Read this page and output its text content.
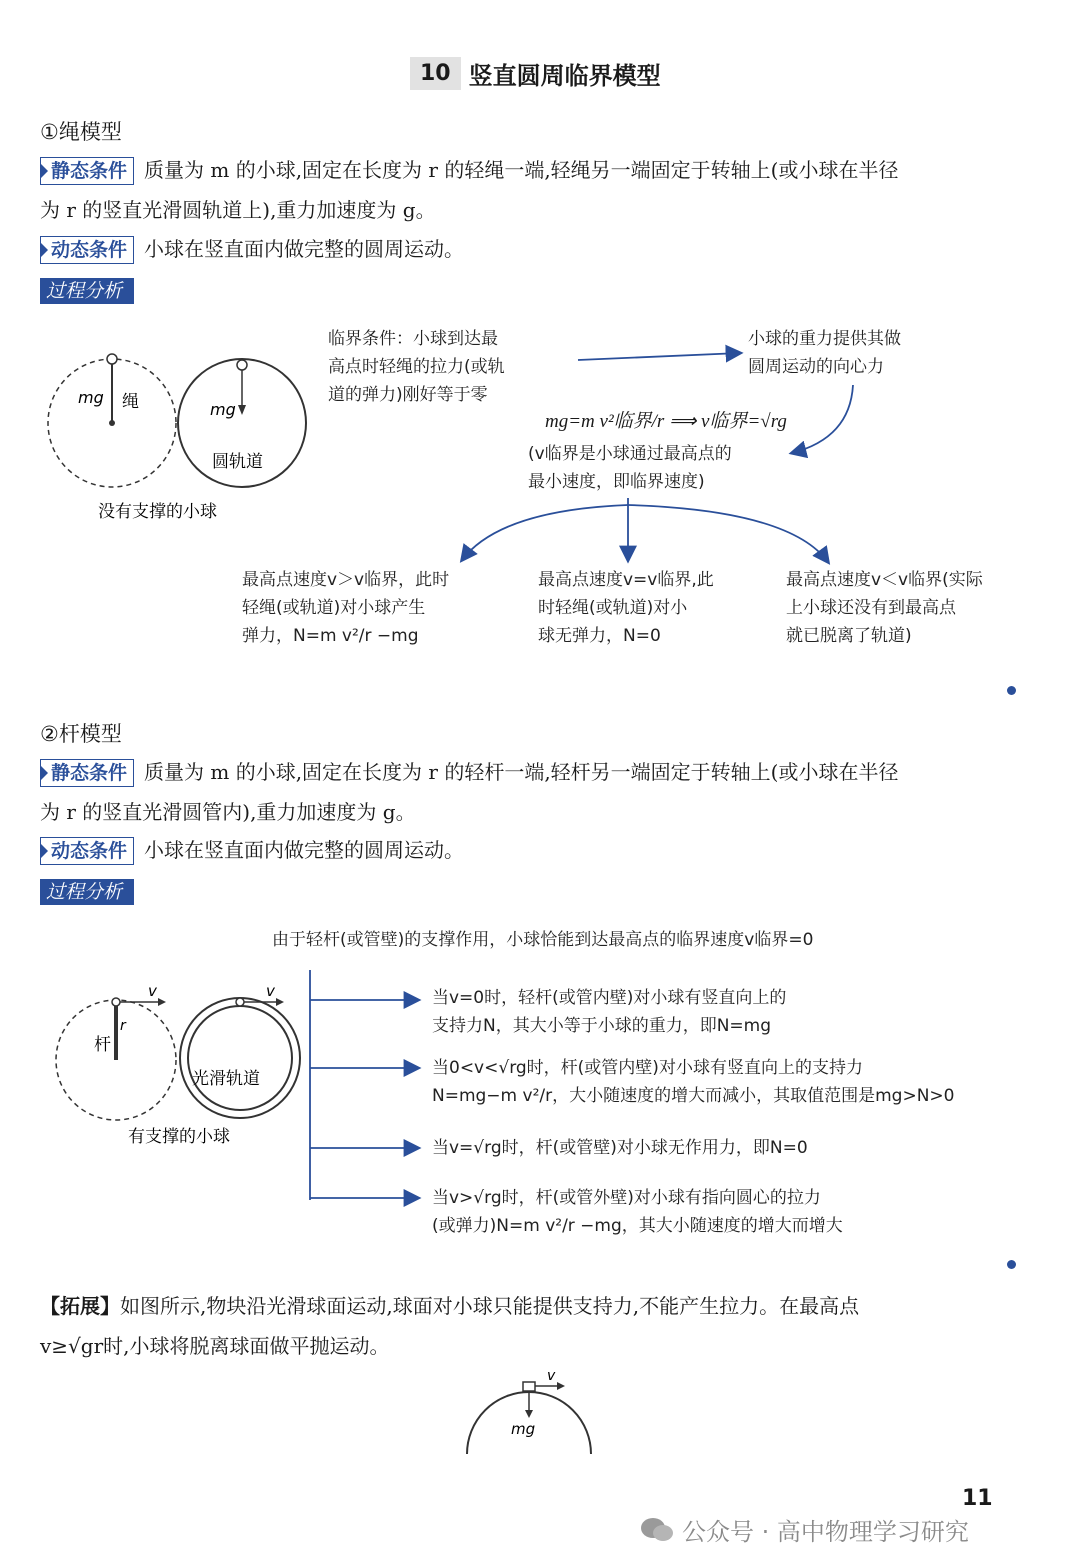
10 竖直圆周临界模型
①绳模型
静态条件 质量为 m 的小球,固定在长度为 r 的轻绳一端,轻绳另一端固定于转轴上(或小球在半径
为 r 的竖直光滑圆轨道上),重力加速度为 g。
动态条件 小球在竖直面内做完整的圆周运动。
过程分析
mg 绳	mg
圆轨道
没有支撑的小球
临界条件：小球到达最
高点时轻绳的拉力(或轨
道的弹力)刚好等于零
小球的重力提供其做
圆周运动的向心力
mg=m v²临界/r ⟹ v临界=√rg
(v临界是小球通过最高点的
最小速度，即临界速度)
最高点速度v＞v临界，此时
轻绳(或轨道)对小球产生
弹力，N=m v²/r −mg
最高点速度v=v临界,此
时轻绳(或轨道)对小
球无弹力，N=0
最高点速度v＜v临界(实际
上小球还没有到最高点
就已脱离了轨道)
②杆模型
静态条件 质量为 m 的小球,固定在长度为 r 的轻杆一端,轻杆另一端固定于转轴上(或小球在半径
为 r 的竖直光滑圆管内),重力加速度为 g。
动态条件 小球在竖直面内做完整的圆周运动。
过程分析
v
r
杆
v
光滑轨道
有支撑的小球
由于轻杆(或管壁)的支撑作用，小球恰能到达最高点的临界速度v临界=0
当v=0时，轻杆(或管内壁)对小球有竖直向上的
支持力N，其大小等于小球的重力，即N=mg
当0<v<√rg时，杆(或管内壁)对小球有竖直向上的支持力
N=mg−m v²/r，大小随速度的增大而减小，其取值范围是mg>N>0
当v=√rg时，杆(或管壁)对小球无作用力，即N=0
当v>√rg时，杆(或管外壁)对小球有指向圆心的拉力
(或弹力)N=m v²/r −mg，其大小随速度的增大而增大
【拓展】如图所示,物块沿光滑球面运动,球面对小球只能提供支持力,不能产生拉力。在最高点
v≥√gr时,小球将脱离球面做平抛运动。
v
mg
11
公众号 · 高中物理学习研究
